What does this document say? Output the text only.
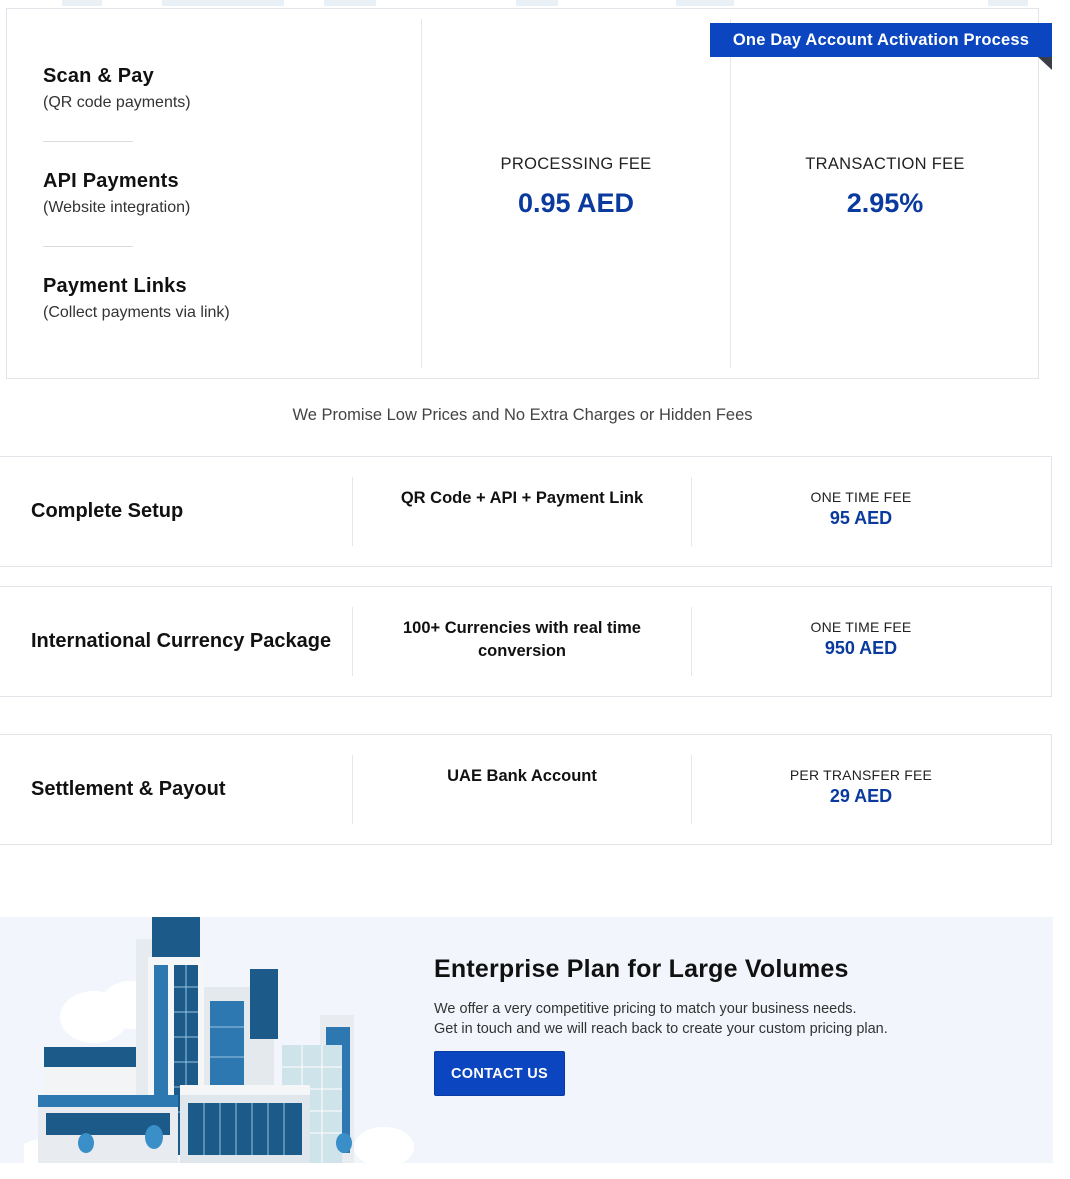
Scan & Pay
(QR code payments)
API Payments
(Website integration)
Payment Links
(Collect payments via link)
PROCESSING FEE
0.95 AED
TRANSACTION FEE
2.95%
One Day Account Activation Process
We Promise Low Prices and No Extra Charges or Hidden Fees
Complete Setup
QR Code + API + Payment Link	ONE TIME FEE
95 AED
International Currency Package
100+ Currencies with real time conversion
ONE TIME FEE
950 AED
Settlement & Payout
UAE Bank Account	PER TRANSFER FEE
29 AED
Enterprise Plan for Large Volumes
We offer a very competitive pricing to match your business needs.
Get in touch and we will reach back to create your custom pricing plan.
CONTACT US
